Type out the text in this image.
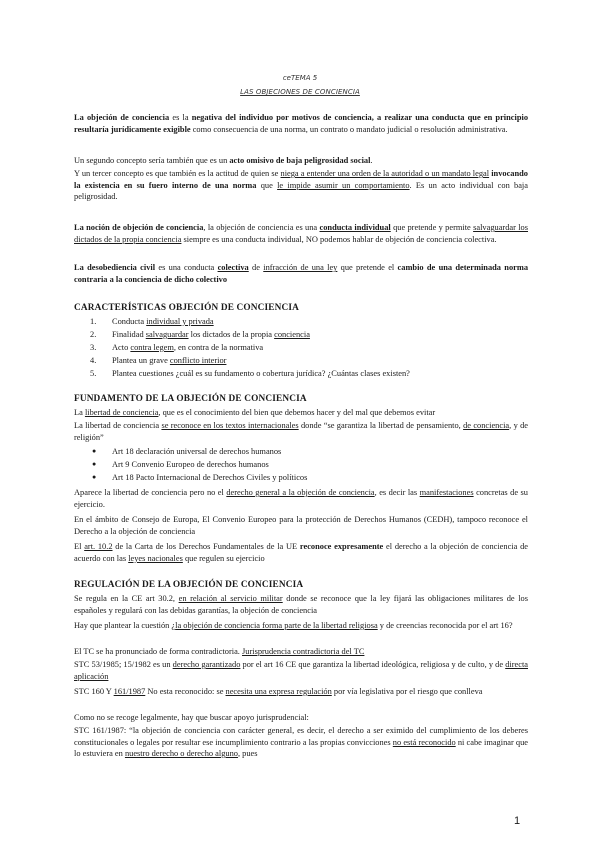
ceTEMA 5
LAS OBJECIONES DE CONCIENCIA
La objeción de conciencia es la negativa del individuo por motivos de conciencia, a realizar una conducta que en principio resultaría jurídicamente exigible como consecuencia de una norma, un contrato o mandato judicial o resolución administrativa.
Un segundo concepto sería también que es un acto omisivo de baja peligrosidad social.
Y un tercer concepto es que también es la actitud de quien se niega a entender una orden de la autoridad o un mandato legal invocando la existencia en su fuero interno de una norma que le impide asumir un comportamiento. Es un acto individual con baja peligrosidad.
La noción de objeción de conciencia, la objeción de conciencia es una conducta individual que pretende y permite salvaguardar los dictados de la propia conciencia siempre es una conducta individual, NO podemos hablar de objeción de conciencia colectiva.
La desobediencia civil es una conducta colectiva de infracción de una ley que pretende el cambio de una determinada norma contraria a la conciencia de dicho colectivo
CARACTERÍSTICAS OBJECIÓN DE CONCIENCIA
1. Conducta individual y privada
2. Finalidad salvaguardar los dictados de la propia conciencia
3. Acto contra legem, en contra de la normativa
4. Plantea un grave conflicto interior
5. Plantea cuestiones ¿cuál es su fundamento o cobertura jurídica? ¿Cuántas clases existen?
FUNDAMENTO DE LA OBJECIÓN DE CONCIENCIA
La libertad de conciencia, que es el conocimiento del bien que debemos hacer y del mal que debemos evitar
La libertad de conciencia se reconoce en los textos internacionales donde “se garantiza la libertad de pensamiento, de conciencia, y de religión”
● Art 18 declaración universal de derechos humanos
● Art 9 Convenio Europeo de derechos humanos
● Art 18 Pacto Internacional de Derechos Civiles y políticos
Aparece la libertad de conciencia pero no el derecho general a la objeción de conciencia, es decir las manifestaciones concretas de su ejercicio.
En el ámbito de Consejo de Europa, El Convenio Europeo para la protección de Derechos Humanos (CEDH), tampoco reconoce el Derecho a la objeción de conciencia
El art. 10.2 de la Carta de los Derechos Fundamentales de la UE reconoce expresamente el derecho a la objeción de conciencia de acuerdo con las leyes nacionales que regulen su ejercicio
REGULACIÓN DE LA OBJECIÓN DE CONCIENCIA
Se regula en la CE art 30.2, en relación al servicio militar donde se reconoce que la ley fijará las obligaciones militares de los españoles y regulará con las debidas garantías, la objeción de conciencia
Hay que plantear la cuestión ¿la objeción de conciencia forma parte de la libertad religiosa y de creencias reconocida por el art 16?
El TC se ha pronunciado de forma contradictoria. Jurisprudencia contradictoria del TC
STC 53/1985; 15/1982 es un derecho garantizado por el art 16 CE que garantiza la libertad ideológica, religiosa y de culto, y de directa aplicación
STC 160 Y 161/1987 No esta reconocido: se necesita una expresa regulación por vía legislativa por el riesgo que conlleva
Como no se recoge legalmente, hay que buscar apoyo jurisprudencial:
STC 161/1987: “la objeción de conciencia con carácter general, es decir, el derecho a ser eximido del cumplimiento de los deberes constitucionales o legales por resultar ese incumplimiento contrario a las propias convicciones no está reconocido ni cabe imaginar que lo estuviera en nuestro derecho o derecho alguno, pues
1
